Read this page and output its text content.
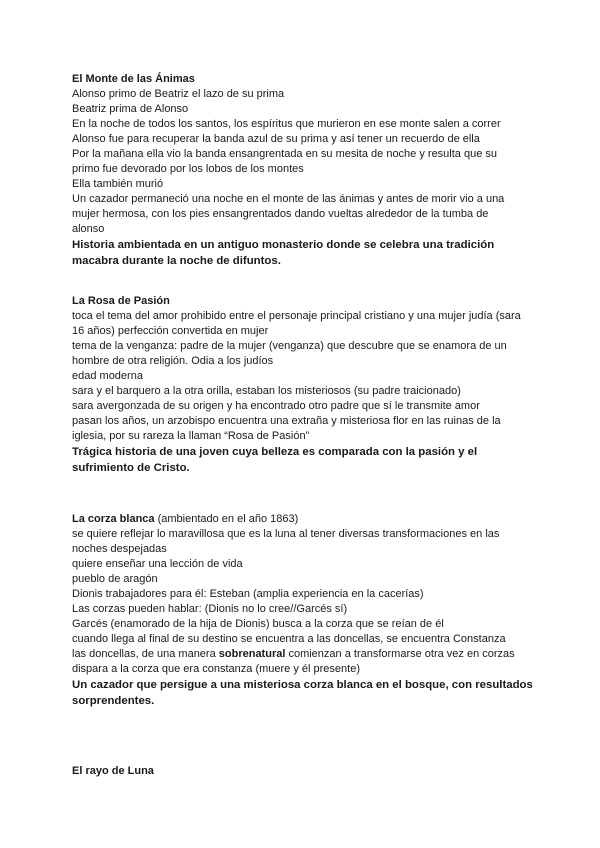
El Monte de las Ánimas
Alonso primo de Beatriz el lazo de su prima
Beatriz prima de Alonso
En la noche de todos los santos, los espíritus que murieron en ese monte salen a correr
Alonso fue para recuperar la banda azul de su prima y así tener un recuerdo de ella
Por la mañana ella vio la banda ensangrentada en su mesita de noche y resulta que su
primo fue devorado por los lobos de los montes
Ella también murió
Un cazador permaneció una noche en el monte de las ánimas y antes de morir vio a una
mujer hermosa, con los pies ensangrentados dando vueltas alrededor de la tumba de
alonso
Historia ambientada en un antiguo monasterio donde se celebra una tradición
macabra durante la noche de difuntos.
La Rosa de Pasión
toca el tema del amor prohibido entre el personaje principal cristiano y una mujer judía (sara
16 años) perfección convertida en mujer
tema de la venganza: padre de la mujer (venganza) que descubre que se enamora de un
hombre de otra religión. Odia a los judíos
edad moderna
sara y el barquero a la otra orilla, estaban los misteriosos (su padre traicionado)
sara avergonzada de su origen y ha encontrado otro padre que sí le transmite amor
pasan los años, un arzobispo encuentra una extraña y misteriosa flor en las ruinas de la
iglesia, por su rareza la llaman “Rosa de Pasión”
Trágica historia de una joven cuya belleza es comparada con la pasión y el
sufrimiento de Cristo.
La corza blanca (ambientado en el año 1863)
se quiere reflejar lo maravillosa que es la luna al tener diversas transformaciones en las
noches despejadas
quiere enseñar una lección de vida
pueblo de aragón
Dionis trabajadores para él: Esteban (amplia experiencia en la cacerías)
Las corzas pueden hablar: (Dionis no lo cree//Garcés sí)
Garcés (enamorado de la hija de Dionis) busca a la corza que se reían de él
cuando llega al final de su destino se encuentra a las doncellas, se encuentra Constanza
las doncellas, de una manera sobrenatural comienzan a transformarse otra vez en corzas
dispara a la corza que era constanza (muere y él presente)
Un cazador que persigue a una misteriosa corza blanca en el bosque, con resultados
sorprendentes.
El rayo de Luna
